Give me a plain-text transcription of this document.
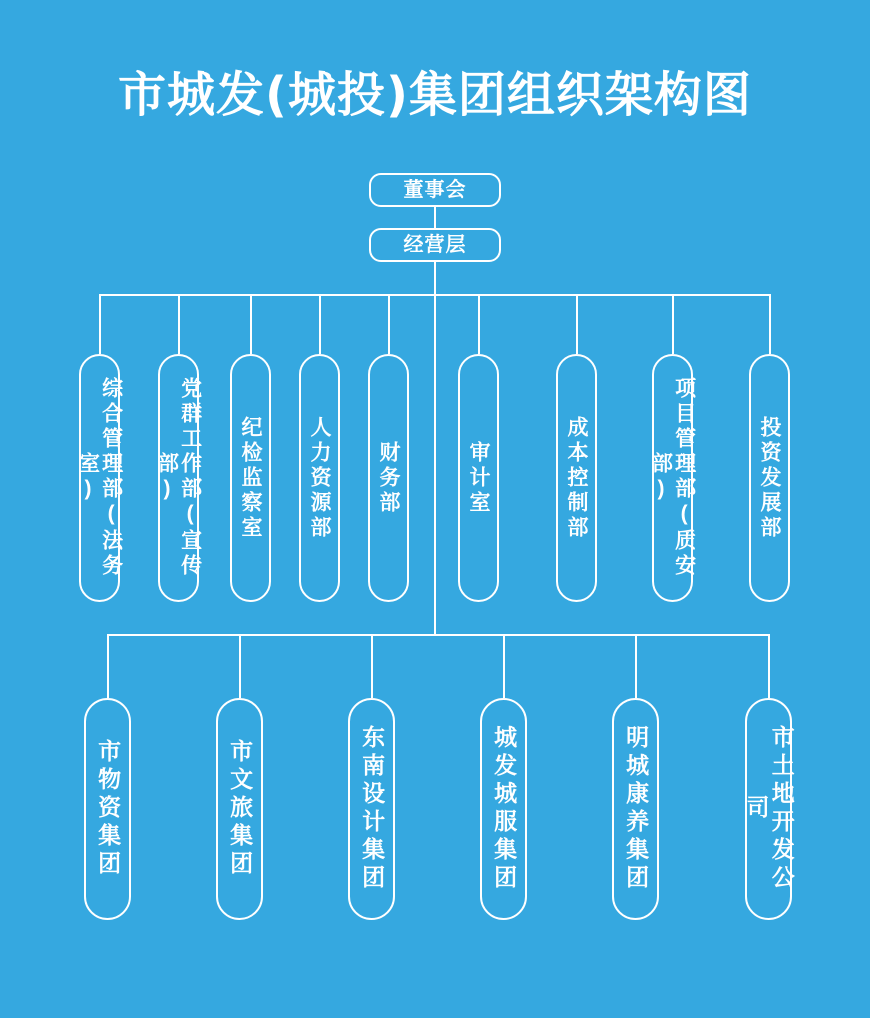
市城发(城投)集团组织架构图
董事会
经营层
综合管理部(法务室)	党群工作部(宣传部)	纪检监察室	人力资源部	财务部	审计室	成本控制部	项目管理部(质安部)	投资发展部
市物资集团	市文旅集团	东南设计集团	城发城服集团	明城康养集团	市土地开发公司
